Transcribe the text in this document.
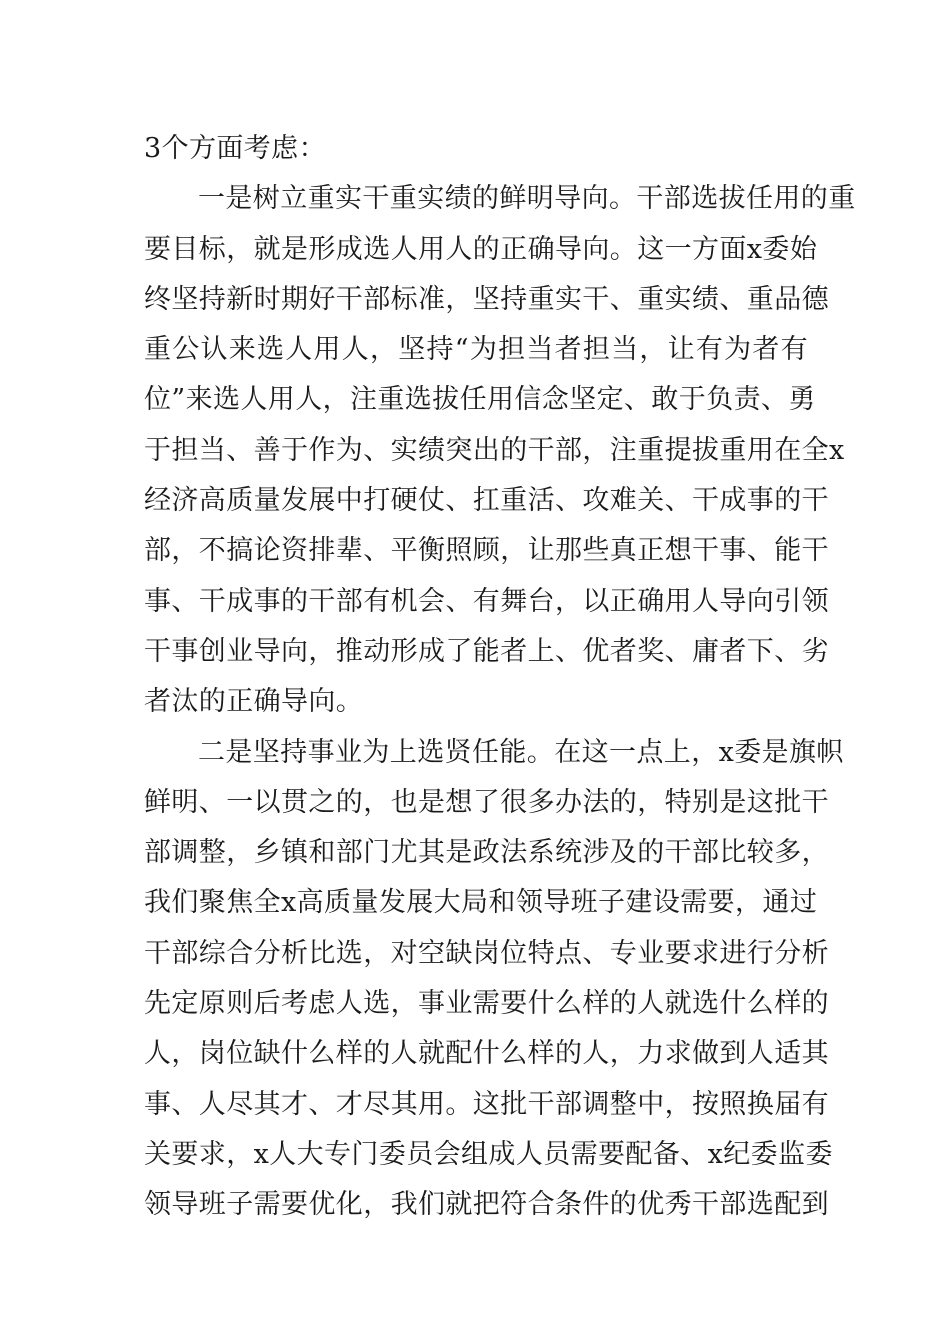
3个方面考虑：
一是树立重实干重实绩的鲜明导向。干部选拔任用的重
要目标，就是形成选人用人的正确导向。这一方面x委始
终坚持新时期好干部标准，坚持重实干、重实绩、重品德
重公认来选人用人，坚持“为担当者担当，让有为者有
位”来选人用人，注重选拔任用信念坚定、敢于负责、勇
于担当、善于作为、实绩突出的干部，注重提拔重用在全x
经济高质量发展中打硬仗、扛重活、攻难关、干成事的干
部，不搞论资排辈、平衡照顾，让那些真正想干事、能干
事、干成事的干部有机会、有舞台，以正确用人导向引领
干事创业导向，推动形成了能者上、优者奖、庸者下、劣
者汰的正确导向。
二是坚持事业为上选贤任能。在这一点上，x委是旗帜
鲜明、一以贯之的，也是想了很多办法的，特别是这批干
部调整，乡镇和部门尤其是政法系统涉及的干部比较多，
我们聚焦全x高质量发展大局和领导班子建设需要，通过
干部综合分析比选，对空缺岗位特点、专业要求进行分析
先定原则后考虑人选，事业需要什么样的人就选什么样的
人，岗位缺什么样的人就配什么样的人，力求做到人适其
事、人尽其才、才尽其用。这批干部调整中，按照换届有
关要求，x人大专门委员会组成人员需要配备、x纪委监委
领导班子需要优化，我们就把符合条件的优秀干部选配到
